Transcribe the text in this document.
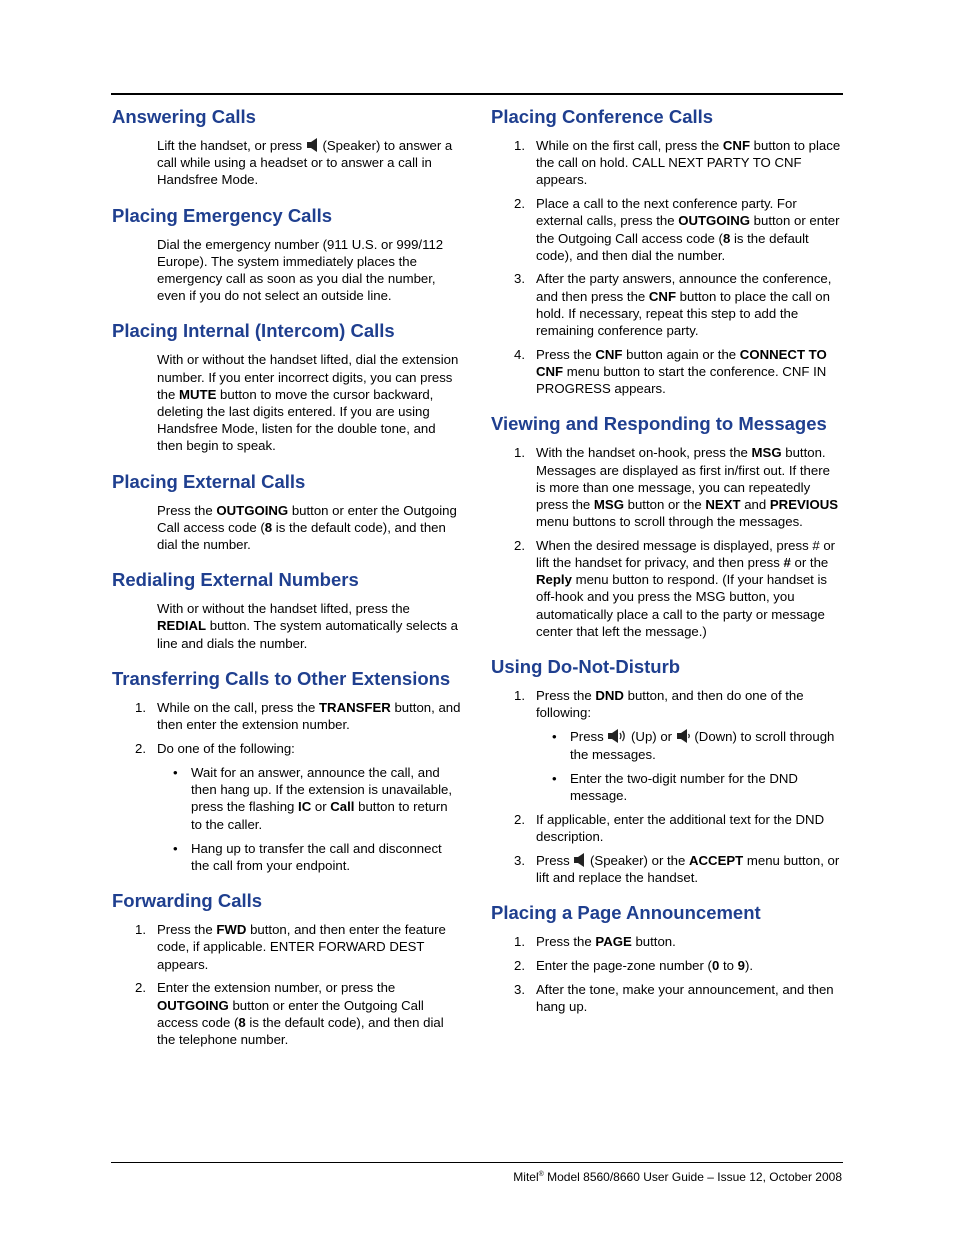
Answering Calls

Lift the handset, or press  (Speaker) to answer a call while using a headset or to answer a call in Handsfree Mode.

Placing Emergency Calls

Dial the emergency number (911 U.S. or 999/112 Europe). The system immediately places the emergency call as soon as you dial the number, even if you do not select an outside line.

Placing Internal (Intercom) Calls

With or without the handset lifted, dial the extension number. If you enter incorrect digits, you can press the MUTE button to move the cursor backward, deleting the last digits entered. If you are using Handsfree Mode, listen for the double tone, and then begin to speak.

Placing External Calls

Press the OUTGOING button or enter the Outgoing Call access code (8 is the default code), and then dial the number.

Redialing External Numbers

With or without the handset lifted, press the REDIAL button. The system automatically selects a line and dials the number.

Transferring Calls to Other Extensions
1. While on the call, press the TRANSFER button, and then enter the extension number.
2. Do one of the following:
• Wait for an answer, announce the call, and then hang up. If the extension is unavailable, press the flashing IC or Call button to return to the caller.
• Hang up to transfer the call and disconnect the call from your endpoint.
Forwarding Calls
1. Press the FWD button, and then enter the feature code, if applicable. ENTER FORWARD DEST appears.
2. Enter the extension number, or press the OUTGOING button or enter the Outgoing Call access code (8 is the default code), and then dial the telephone number.
Placing Conference Calls
1. While on the first call, press the CNF button to place the call on hold. CALL NEXT PARTY TO CNF appears.
2. Place a call to the next conference party. For external calls, press the OUTGOING button or enter the Outgoing Call access code (8 is the default code), and then dial the number.
3. After the party answers, announce the conference, and then press the CNF button to place the call on hold. If necessary, repeat this step to add the remaining conference party.
4. Press the CNF button again or the CONNECT TO CNF menu button to start the conference. CNF IN PROGRESS appears.
Viewing and Responding to Messages
1. With the handset on-hook, press the MSG button. Messages are displayed as first in/first out. If there is more than one message, you can repeatedly press the MSG button or the NEXT and PREVIOUS menu buttons to scroll through the messages.
2. When the desired message is displayed, press # or lift the handset for privacy, and then press # or the Reply menu button to respond. (If your handset is off-hook and you press the MSG button, you automatically place a call to the party or message center that left the message.)
Using Do-Not-Disturb
1. Press the DND button, and then do one of the following:
• Press  (Up) or  (Down) to scroll through the messages.
• Enter the two-digit number for the DND message.
2. If applicable, enter the additional text for the DND description.
3. Press  (Speaker) or the ACCEPT menu button, or lift and replace the handset.
Placing a Page Announcement
1. Press the PAGE button.
2. Enter the page-zone number (0 to 9).
3. After the tone, make your announcement, and then hang up.
Mitel® Model 8560/8660 User Guide – Issue 12, October 2008
